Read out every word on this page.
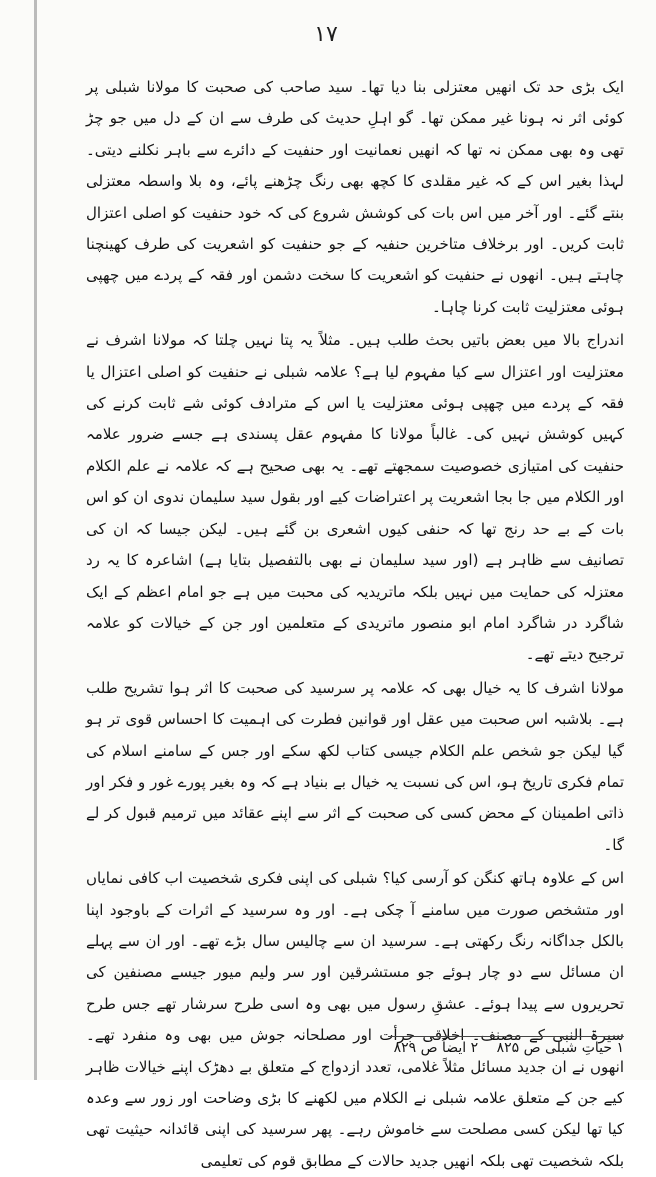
۱۷

ایک بڑی حد تک انھیں معتزلی بنا دیا تھا۔ سید صاحب کی صحبت کا مولانا شبلی پر کوئی اثر نہ ہونا غیر ممکن تھا۔ گو اہلِ حدیث کی طرف سے ان کے دل میں جو چڑ تھی وہ بھی ممکن نہ تھا کہ انھیں نعمانیت اور حنفیت کے دائرے سے باہر نکلنے دیتی۔ لہذا بغیر اس کے کہ غیر مقلدی کا کچھ بھی رنگ چڑھنے پائے، وہ بلا واسطہ معتزلی بنتے گئے۔ اور آخر میں اس بات کی کوشش شروع کی کہ خود حنفیت کو اصلی اعتزال ثابت کریں۔ اور برخلاف متاخرین حنفیہ کے جو حنفیت کو اشعریت کی طرف کھینچنا چاہتے ہیں۔ انھوں نے حنفیت کو اشعریت کا سخت دشمن اور فقہ کے پردے میں چھپی ہوئی معتزلیت ثابت کرنا چاہا۔

اندراج بالا میں بعض باتیں بحث طلب ہیں۔ مثلاً یہ پتا نہیں چلتا کہ مولانا اشرف نے معتزلیت اور اعتزال سے کیا مفہوم لیا ہے؟ علامہ شبلی نے حنفیت کو اصلی اعتزال یا فقہ کے پردے میں چھپی ہوئی معتزلیت یا اس کے مترادف کوئی شے ثابت کرنے کی کہیں کوشش نہیں کی۔ غالباً مولانا کا مفہوم عقل پسندی ہے جسے ضرور علامہ حنفیت کی امتیازی خصوصیت سمجھتے تھے۔ یہ بھی صحیح ہے کہ علامہ نے علم الکلام اور الکلام میں جا بجا اشعریت پر اعتراضات کیے اور بقول سید سلیمان ندوی ان کو اس بات کے بے حد رنج تھا کہ حنفی کیوں اشعری بن گئے ہیں۔ لیکن جیسا کہ ان کی تصانیف سے ظاہر ہے (اور سید سلیمان نے بھی بالتفصیل بتایا ہے) اشاعرہ کا یہ رد معتزلہ کی حمایت میں نہیں بلکہ ماتریدیہ کی محبت میں ہے جو امام اعظم کے ایک شاگرد در شاگرد امام ابو منصور ماتریدی کے متعلمین اور جن کے خیالات کو علامہ ترجیح دیتے تھے۔

مولانا اشرف کا یہ خیال بھی کہ علامہ پر سرسید کی صحبت کا اثر ہوا تشریح طلب ہے۔ بلاشبہ اس صحبت میں عقل اور قوانین فطرت کی اہمیت کا احساس قوی تر ہو گیا لیکن جو شخص علم الکلام جیسی کتاب لکھ سکے اور جس کے سامنے اسلام کی تمام فکری تاریخ ہو، اس کی نسبت یہ خیال بے بنیاد ہے کہ وہ بغیر پورے غور و فکر اور ذاتی اطمینان کے محض کسی کی صحبت کے اثر سے اپنے عقائد میں ترمیم قبول کر لے گا۔

اس کے علاوہ ہاتھ کنگن کو آرسی کیا؟ شبلی کی اپنی فکری شخصیت اب کافی نمایاں اور متشخص صورت میں سامنے آ چکی ہے۔ اور وہ سرسید کے اثرات کے باوجود اپنا بالکل جداگانہ رنگ رکھتی ہے۔ سرسید ان سے چالیس سال بڑے تھے۔ اور ان سے پہلے ان مسائل سے دو چار ہوئے جو مستشرقین اور سر ولیم میور جیسے مصنفین کی تحریروں سے پیدا ہوئے۔ عشقِ رسول میں بھی وہ اسی طرح سرشار تھے جس طرح سیرۃ النبی کے مصنف۔ اخلاقی جرأت اور مصلحانہ جوش میں بھی وہ منفرد تھے۔ انھوں نے ان جدید مسائل مثلاً غلامی، تعدد ازدواج کے متعلق بے دھڑک اپنے خیالات ظاہر کیے جن کے متعلق علامہ شبلی نے الکلام میں لکھنے کا بڑی وضاحت اور زور سے وعدہ کیا تھا لیکن کسی مصلحت سے خاموش رہے۔ پھر سرسید کی اپنی قائدانہ حیثیت تھی بلکہ شخصیت تھی بلکہ انھیں جدید حالات کے مطابق قوم کی تعلیمی

۱ حیاتِ شبلی ص ۸۲۵ ۲ ایضاً ص ۸۲۹
